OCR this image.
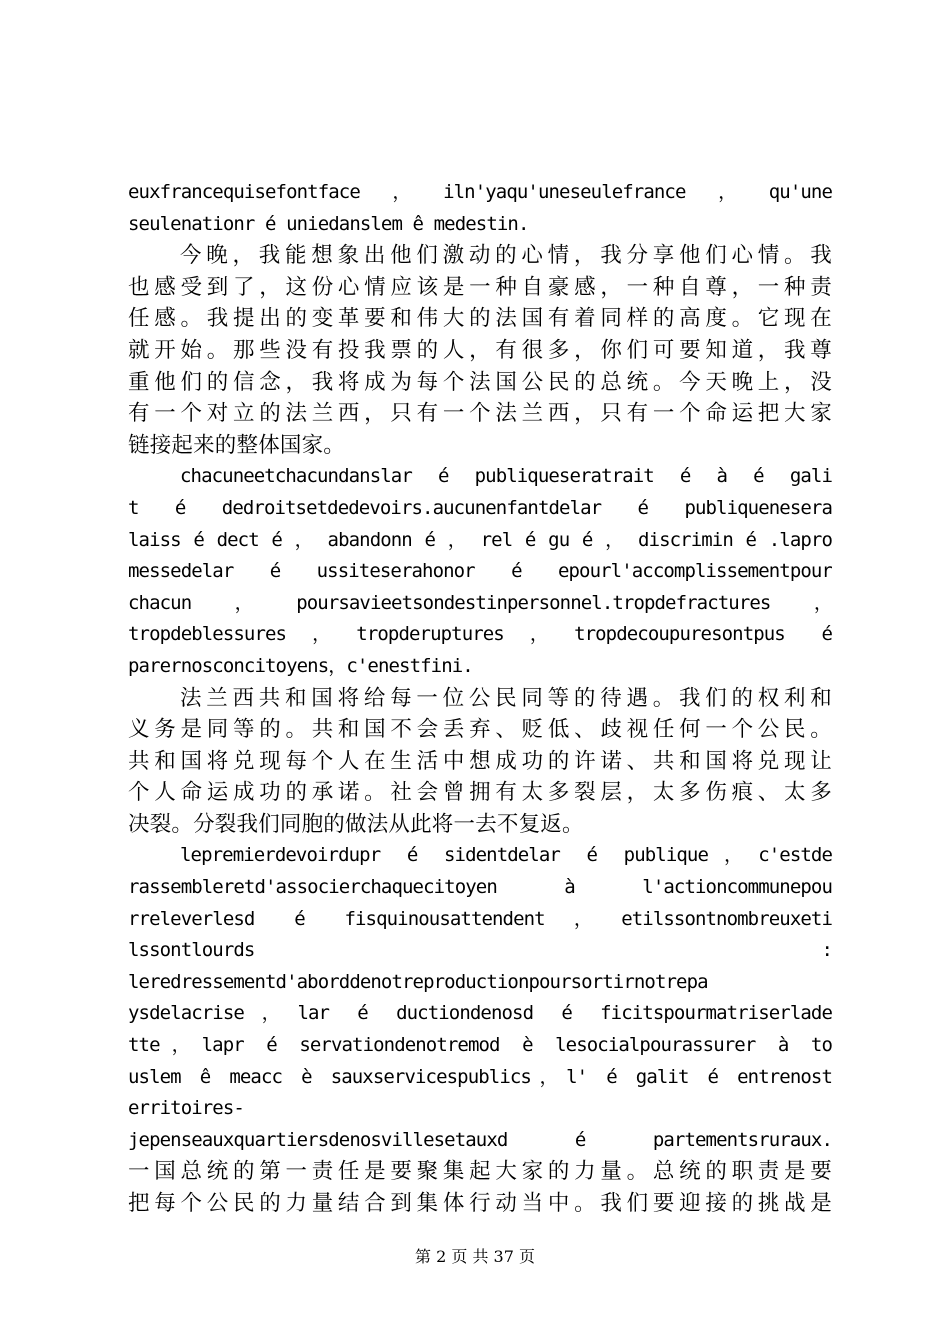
euxfrancequisefontface，iln'yaqu'uneseulefrance，qu'une
seulenationr é uniedanslem ê medestin.
今晚，我能想象出他们激动的心情，我分享他们心情。我
也感受到了，这份心情应该是一种自豪感，一种自尊，一种责
任感。我提出的变革要和伟大的法国有着同样的高度。它现在
就开始。那些没有投我票的人，有很多，你们可要知道，我尊
重他们的信念，我将成为每个法国公民的总统。今天晚上，没
有一个对立的法兰西，只有一个法兰西，只有一个命运把大家
链接起来的整体国家。
chacuneetchacundanslar é publiqueseratrait é à é gali
t é dedroitsetdedevoirs.aucunenfantdelar é publiquenesera
laiss é dect é ， abandonn é ， rel é gu é ， discrimin é .lapro
messedelar é ussiteserahonor é epourl'accomplissementpour
chacun，poursavieetsondestinpersonnel.tropdefractures，
tropdeblessures，tropderuptures，tropdecoupuresontpus é
parernosconcitoyens，c'enestfini.
法兰西共和国将给每一位公民同等的待遇。我们的权利和
义务是同等的。共和国不会丢弃、贬低、歧视任何一个公民。
共和国将兑现每个人在生活中想成功的许诺、共和国将兑现让
个人命运成功的承诺。社会曾拥有太多裂层，太多伤痕、太多
决裂。分裂我们同胞的做法从此将一去不复返。
lepremierdevoirdupr é sidentdelar é publique，c'estde
rassembleretd'associerchaquecitoyen à l'actioncommunepou
rreleverlesd é fisquinousattendent，etilssontnombreuxeti
lssontlourds	:
leredressementd'aborddenotreproductionpoursortirnotrepa
ysdelacrise，lar é ductiondenosd é ficitspourmatriserladе
tte，lapr é servationdenotremod è lesocialpourassurer à to
uslem ê meacc è sauxservicespublics，l' é galit é entrenost
erritoires-
jepenseauxquartiersdenosvillesetauxd é partementsruraux.
一国总统的第一责任是要聚集起大家的力量。总统的职责是要
把每个公民的力量结合到集体行动当中。我们要迎接的挑战是
第 2 页 共 37 页
